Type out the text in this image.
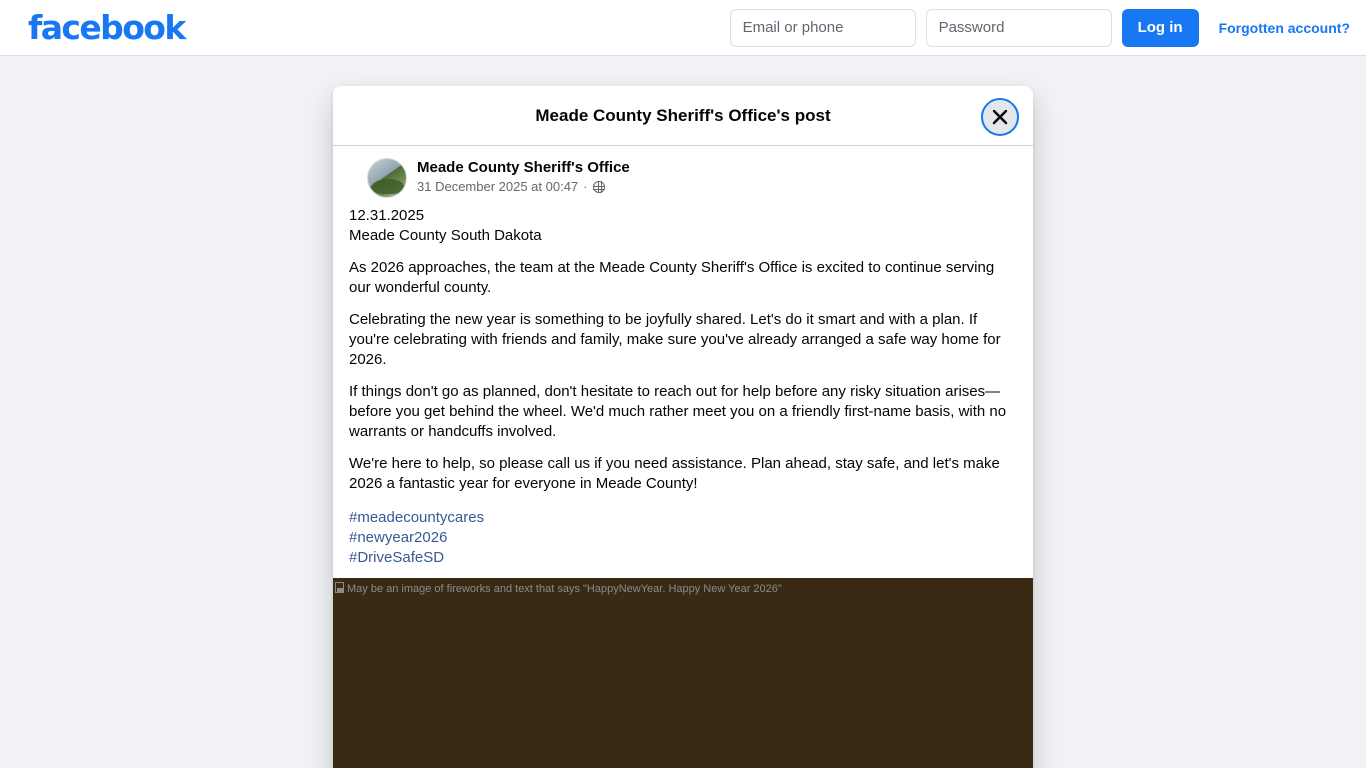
facebook
Email or phone	Log in	Forgotten account?
Meade County Sheriff's Office's post
Meade County Sheriff's Office
31 December 2025 at 00:47 ·

12.31.2025

Meade County South Dakota

As 2026 approaches, the team at the Meade County Sheriff's Office is excited to continue serving our wonderful county.

Celebrating the new year is something to be joyfully shared. Let's do it smart and with a plan. If you're celebrating with friends and family, make sure you've already arranged a safe way home for 2026.

If things don't go as planned, don't hesitate to reach out for help before any risky situation arises—before you get behind the wheel. We'd much rather meet you on a friendly first-name basis, with no warrants or handcuffs involved.

We're here to help, so please call us if you need assistance. Plan ahead, stay safe, and let's make 2026 a fantastic year for everyone in Meade County!

#meadecountycares
#newyear2026
#DriveSafeSD
May be an image of fireworks and text that says "HappyNewYear. Happy New Year 2026"
